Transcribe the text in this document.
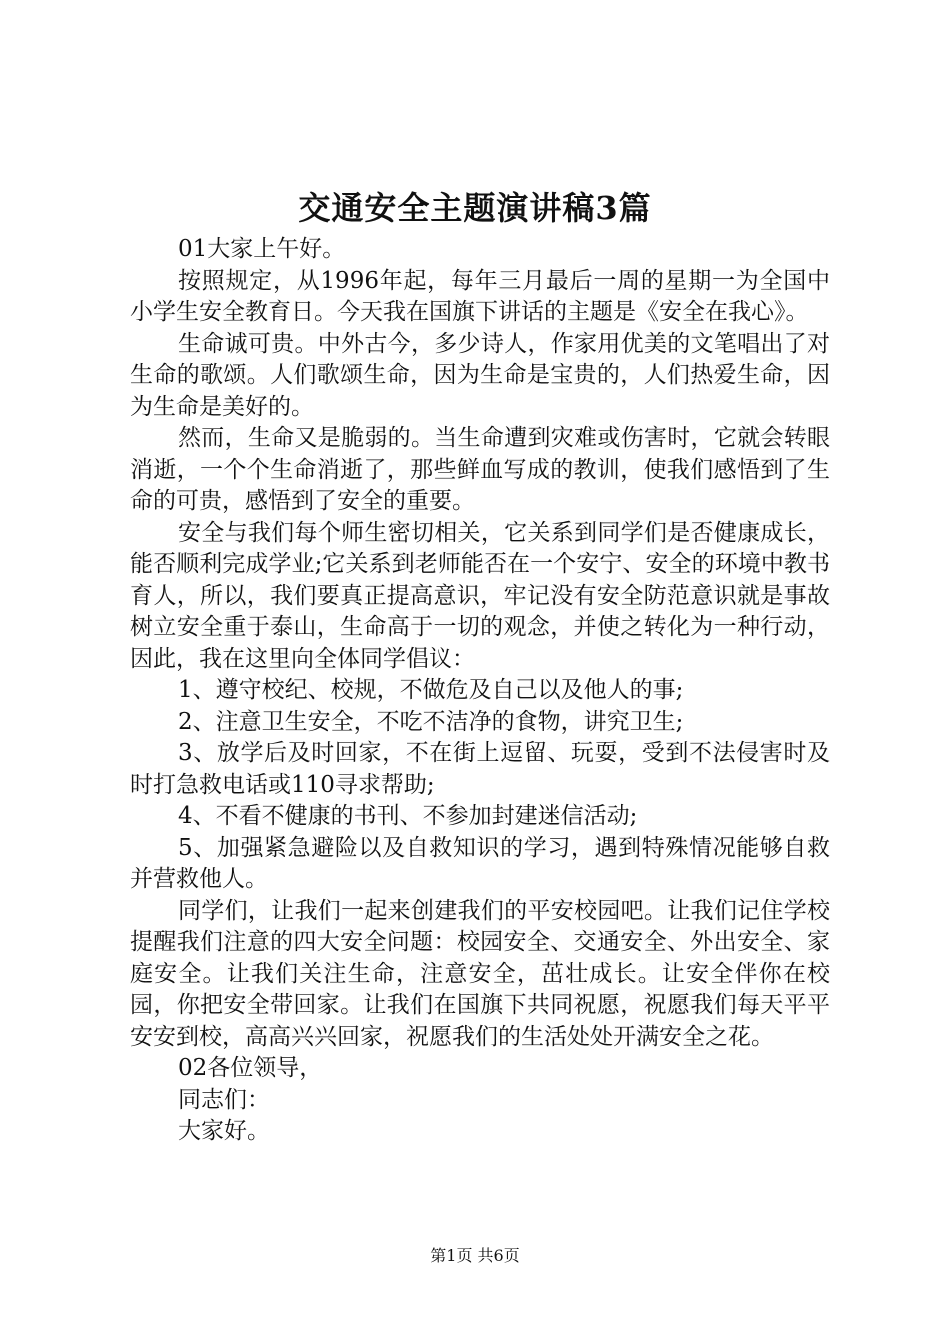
交通安全主题演讲稿3篇

01大家上午好。

按照规定，从1996年起，每年三月最后一周的星期一为全国中小学生安全教育日。今天我在国旗下讲话的主题是《安全在我心》。

生命诚可贵。中外古今，多少诗人，作家用优美的文笔唱出了对生命的歌颂。人们歌颂生命，因为生命是宝贵的，人们热爱生命，因为生命是美好的。

然而，生命又是脆弱的。当生命遭到灾难或伤害时，它就会转眼消逝，一个个生命消逝了，那些鲜血写成的教训，使我们感悟到了生命的可贵，感悟到了安全的重要。

安全与我们每个师生密切相关，它关系到同学们是否健康成长，能否顺利完成学业;它关系到老师能否在一个安宁、安全的环境中教书育人，所以，我们要真正提高意识，牢记没有安全防范意识就是事故树立安全重于泰山，生命高于一切的观念，并使之转化为一种行动，因此，我在这里向全体同学倡议：

1、遵守校纪、校规，不做危及自己以及他人的事;

2、注意卫生安全，不吃不洁净的食物，讲究卫生;

3、放学后及时回家，不在街上逗留、玩耍，受到不法侵害时及时打急救电话或110寻求帮助;

4、不看不健康的书刊、不参加封建迷信活动;

5、加强紧急避险以及自救知识的学习，遇到特殊情况能够自救并营救他人。

同学们，让我们一起来创建我们的平安校园吧。让我们记住学校提醒我们注意的四大安全问题：校园安全、交通安全、外出安全、家庭安全。让我们关注生命，注意安全，茁壮成长。让安全伴你在校园，你把安全带回家。让我们在国旗下共同祝愿，祝愿我们每天平平安安到校，高高兴兴回家，祝愿我们的生活处处开满安全之花。

02各位领导，

同志们：

大家好。

第1页 共6页
